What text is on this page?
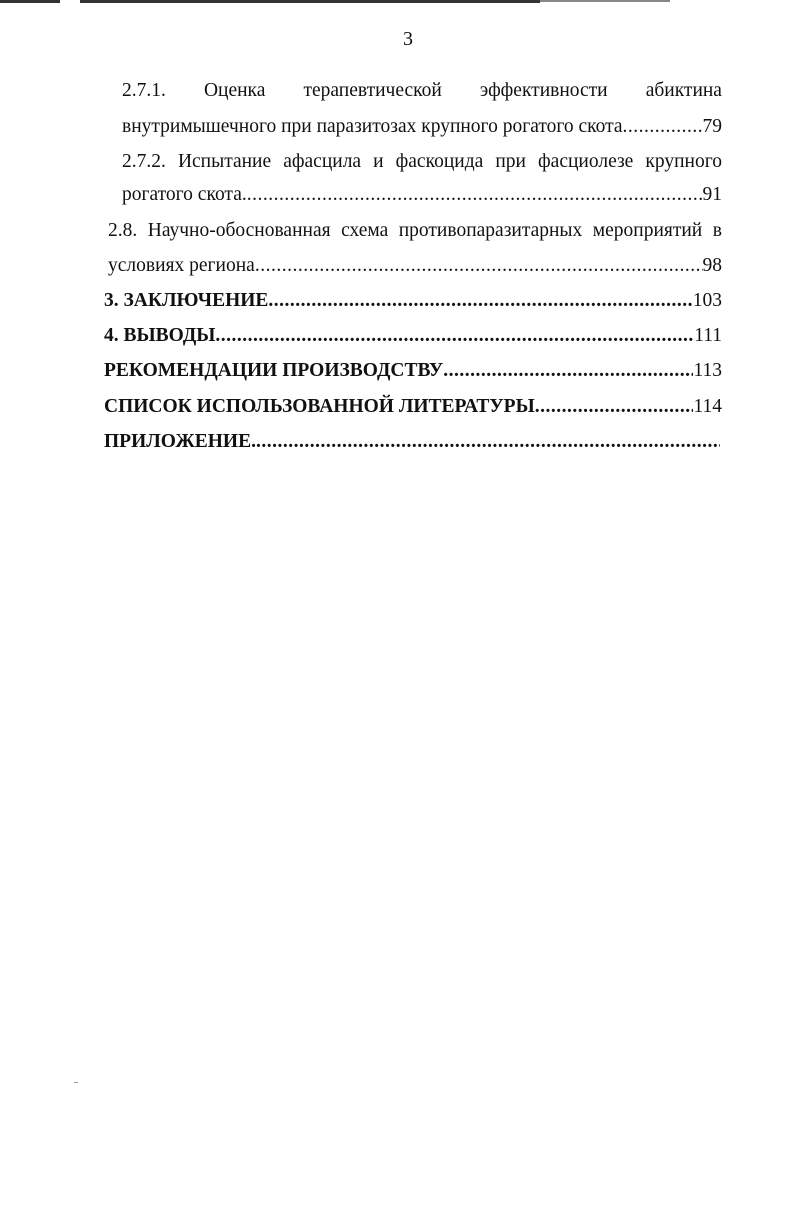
3
2.7.1. Оценка терапевтической эффективности абиктина
внутримышечного при паразитозах крупного рогатого скота .....	79
2.7.2. Испытание афасцила и фаскоцида при фасциолезе крупного
рогатого скота. .....	91
2.8. Научно-обоснованная схема противопаразитарных мероприятий в
условиях региона .....	98
3. ЗАКЛЮЧЕНИЕ .....	103
4. ВЫВОДЫ .....	111
РЕКОМЕНДАЦИИ ПРОИЗВОДСТВУ .....	113
СПИСОК ИСПОЛЬЗОВАННОЙ ЛИТЕРАТУРЫ .....	114
ПРИЛОЖЕНИЕ.
.....
